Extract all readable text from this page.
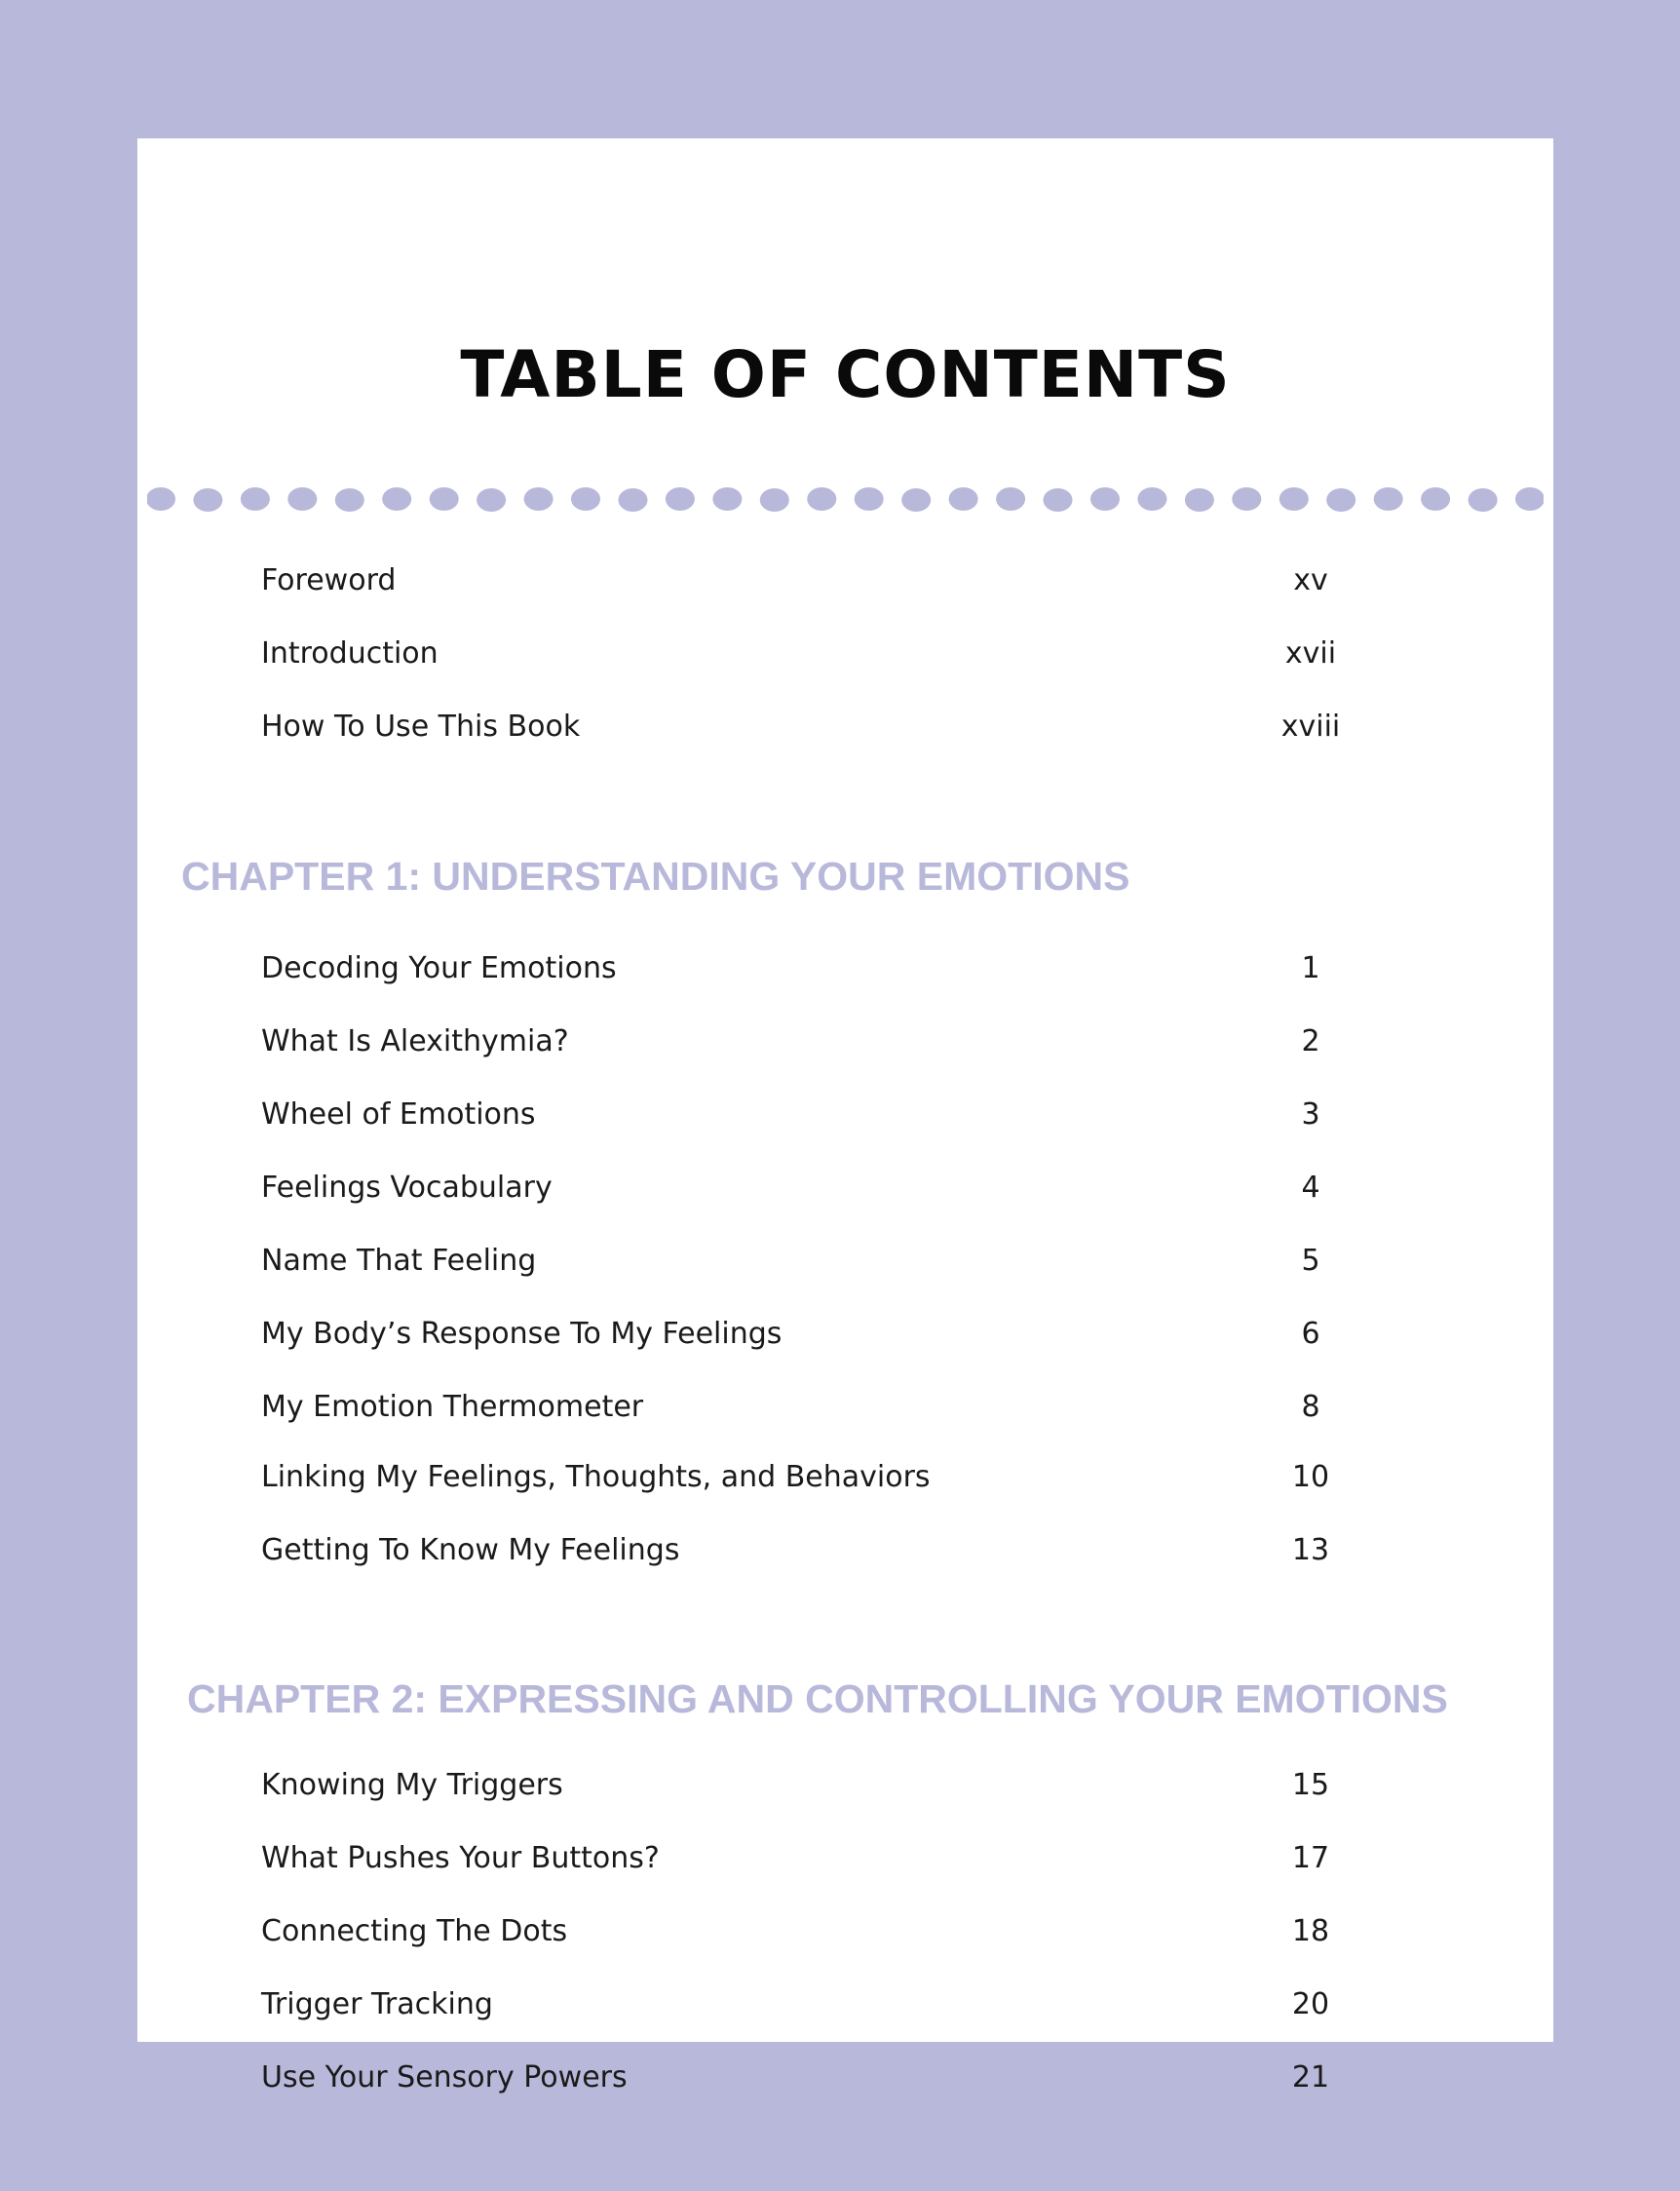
TABLE OF CONTENTS
Foreword	xv
Introduction	xvii
How To Use This Book	xviii
CHAPTER 1: UNDERSTANDING YOUR EMOTIONS
Decoding Your Emotions	1
What Is Alexithymia?	2
Wheel of Emotions	3
Feelings Vocabulary	4
Name That Feeling	5
My Body’s Response To My Feelings	6
My Emotion Thermometer	8
Linking My Feelings, Thoughts, and Behaviors	10
Getting To Know My Feelings	13
CHAPTER 2: EXPRESSING AND CONTROLLING YOUR EMOTIONS
Knowing My Triggers	15
What Pushes Your Buttons?	17
Connecting The Dots	18
Trigger Tracking	20
Use Your Sensory Powers	21
